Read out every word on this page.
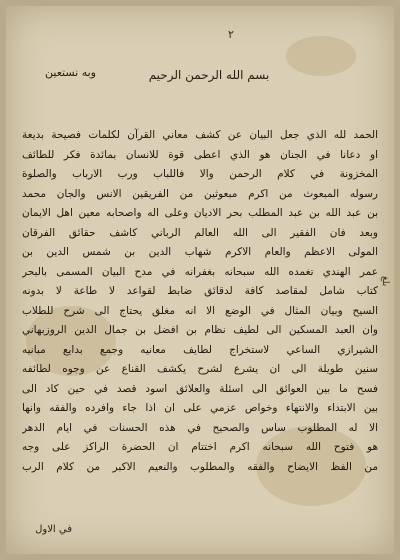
٢
وبه نستعين	بسم الله الرحمن الرحيم
الحمد لله الذي جعل البيان عن كشف معاني القرآن لكلمات فصيحة بديعة
او دعانا في الجنان هو الذي اعطى قوة للانسان بمائدة فكر للطائف
المخزونة في كلام الرحمن والا فاللباب ورب الارباب والصلوة
رسوله المبعوث من اكرم مبعوثين من الفريقين الانس والجان محمد
بن عبد الله بن عبد المطلب بحر الاديان وعلى اله واصحابه معين اهل الايمان
وبعد فان الفقير الى الله العالم الرباني كاشف حقائق الفرقان
المولى الاعظم والعام الاكرم شهاب الدين بن شمس الدين بن
عمر الهندي تغمده الله سبحانه بغفرانه في مدح البيان المسمى بالبحر
كتاب شامل لمقاصد كافة لدقائق ضابط لقواعد لا طاعة لا بدونه
السيح وبيان المثال في الوضع الا انه مغلق يحتاج الى شرح للطلاب
وان العبد المسكين الى لطيف نظام بن افضل بن جمال الدين الروزبهاني
الشيرازي الساعي لاستخراج لطايف معانيه وجمع بدايع مبانيه
سنين طويلة الى ان يشرع لشرح يكشف القناع عن وجوه لطائفه
فسح ما بين العوائق الى اسئلة والعلائق اسود قصد في حين كاد الى
بين الابتداء والانتهاء وخواص عزمي على ان اذا جاء وافرده والفقه وانها
الا له المطلوب ساس والصحيح في هذه الحسنات في ايام الدهر
هو فتوح الله سبحانه اكرم اختتام ان الحضرة الراكز على وجه
من الفظ الايضاح والفقه والمطلوب والنعيم الاكبر من كلام الرب
بلغ
في الاول
